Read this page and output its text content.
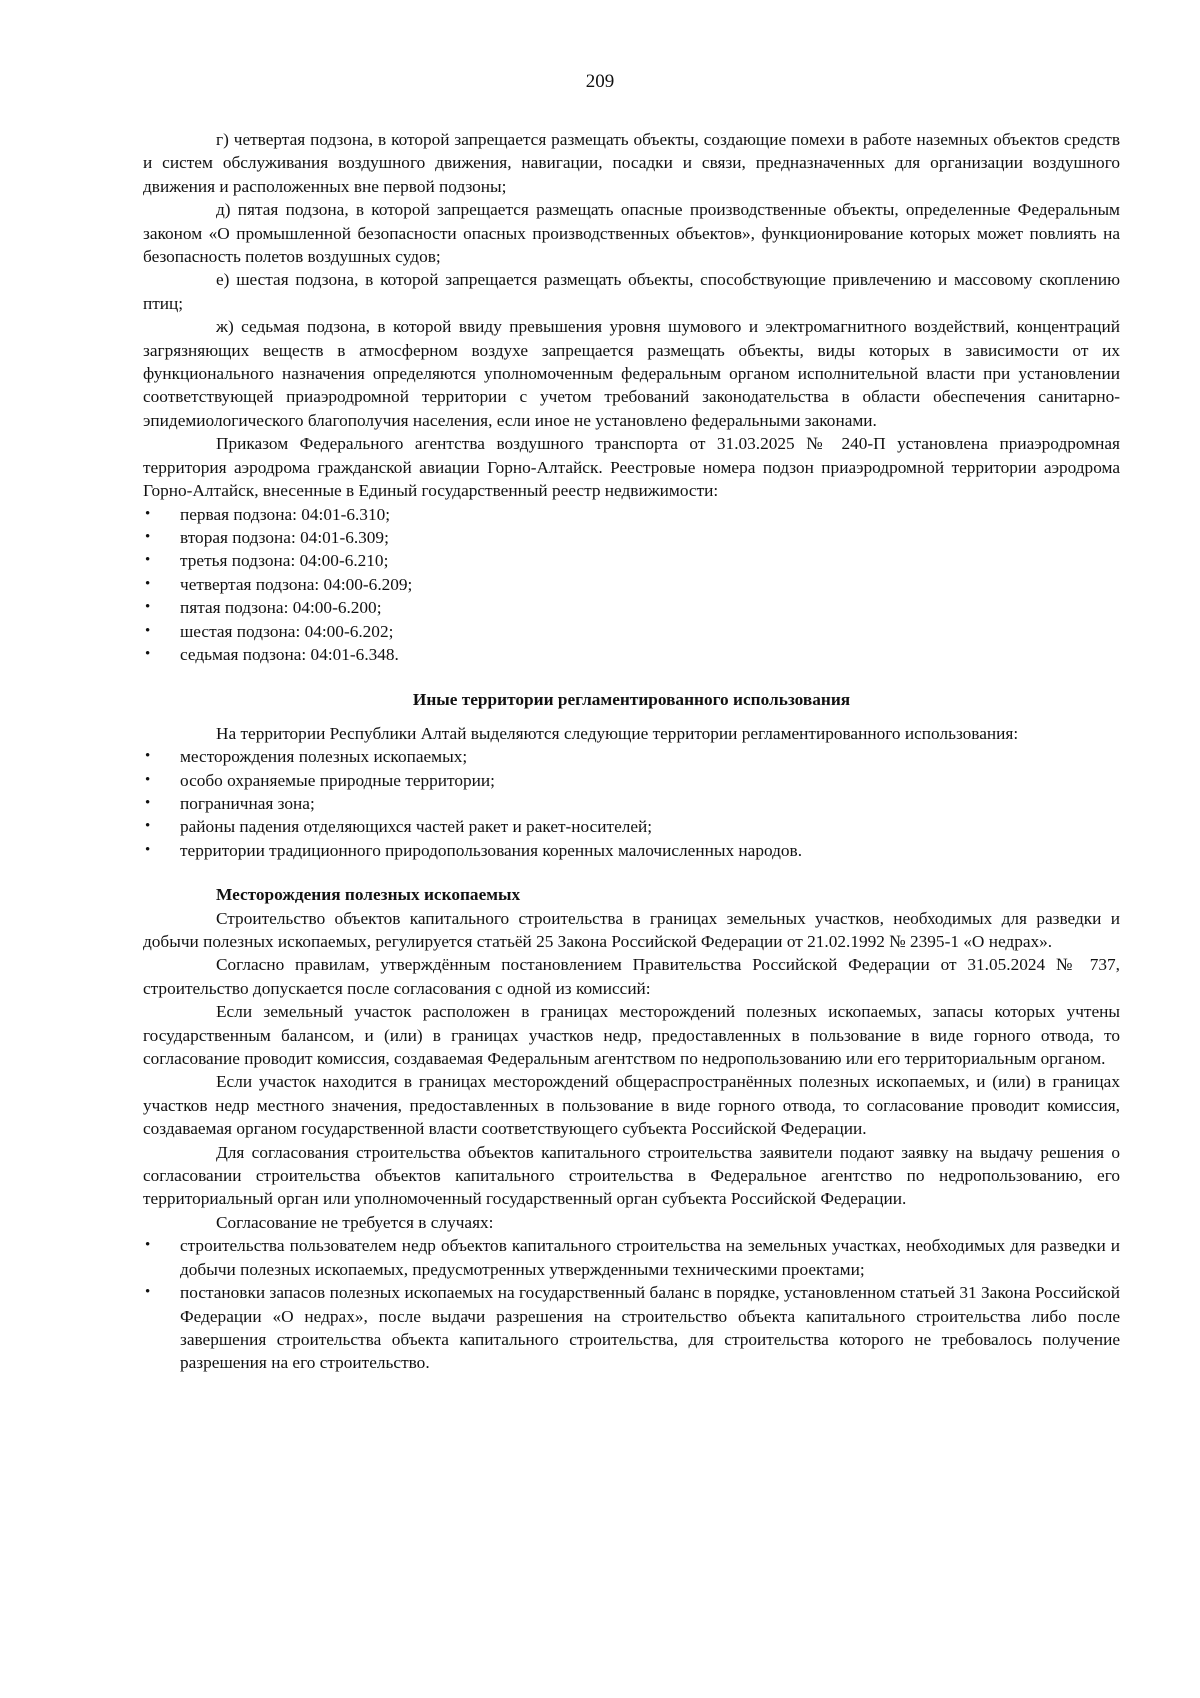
209

г) четвертая подзона, в которой запрещается размещать объекты, создающие помехи в работе наземных объектов средств и систем обслуживания воздушного движения, навигации, посадки и связи, предназначенных для организации воздушного движения и расположенных вне первой подзоны;

д) пятая подзона, в которой запрещается размещать опасные производственные объекты, определенные Федеральным законом «О промышленной безопасности опасных производственных объектов», функционирование которых может повлиять на безопасность полетов воздушных судов;

е) шестая подзона, в которой запрещается размещать объекты, способствующие привлечению и массовому скоплению птиц;

ж) седьмая подзона, в которой ввиду превышения уровня шумового и электромагнитного воздействий, концентраций загрязняющих веществ в атмосферном воздухе запрещается размещать объекты, виды которых в зависимости от их функционального назначения определяются уполномоченным федеральным органом исполнительной власти при установлении соответствующей приаэродромной территории с учетом требований законодательства в области обеспечения санитарно-эпидемиологического благополучия населения, если иное не установлено федеральными законами.

Приказом Федерального агентства воздушного транспорта от 31.03.2025 № 240-П установлена приаэродромная территория аэродрома гражданской авиации Горно-Алтайск. Реестровые номера подзон приаэродромной территории аэродрома Горно-Алтайск, внесенные в Единый государственный реестр недвижимости:

• первая подзона: 04:01-6.310;
• вторая подзона: 04:01-6.309;
• третья подзона: 04:00-6.210;
• четвертая подзона: 04:00-6.209;
• пятая подзона: 04:00-6.200;
• шестая подзона: 04:00-6.202;
• седьмая подзона: 04:01-6.348.

Иные территории регламентированного использования

На территории Республики Алтай выделяются следующие территории регламентированного использования:

• месторождения полезных ископаемых;
• особо охраняемые природные территории;
• пограничная зона;
• районы падения отделяющихся частей ракет и ракет-носителей;
• территории традиционного природопользования коренных малочисленных народов.

Месторождения полезных ископаемых

Строительство объектов капитального строительства в границах земельных участков, необходимых для разведки и добычи полезных ископаемых, регулируется статьёй 25 Закона Российской Федерации от 21.02.1992 № 2395-1 «О недрах».

Согласно правилам, утверждённым постановлением Правительства Российской Федерации от 31.05.2024 № 737, строительство допускается после согласования с одной из комиссий:

Если земельный участок расположен в границах месторождений полезных ископаемых, запасы которых учтены государственным балансом, и (или) в границах участков недр, предоставленных в пользование в виде горного отвода, то согласование проводит комиссия, создаваемая Федеральным агентством по недропользованию или его территориальным органом.

Если участок находится в границах месторождений общераспространённых полезных ископаемых, и (или) в границах участков недр местного значения, предоставленных в пользование в виде горного отвода, то согласование проводит комиссия, создаваемая органом государственной власти соответствующего субъекта Российской Федерации.

Для согласования строительства объектов капитального строительства заявители подают заявку на выдачу решения о согласовании строительства объектов капитального строительства в Федеральное агентство по недропользованию, его территориальный орган или уполномоченный государственный орган субъекта Российской Федерации.

Согласование не требуется в случаях:

• строительства пользователем недр объектов капитального строительства на земельных участках, необходимых для разведки и добычи полезных ископаемых, предусмотренных утвержденными техническими проектами;
• постановки запасов полезных ископаемых на государственный баланс в порядке, установленном статьей 31 Закона Российской Федерации «О недрах», после выдачи разрешения на строительство объекта капитального строительства либо после завершения строительства объекта капитального строительства, для строительства которого не требовалось получение разрешения на его строительство.
